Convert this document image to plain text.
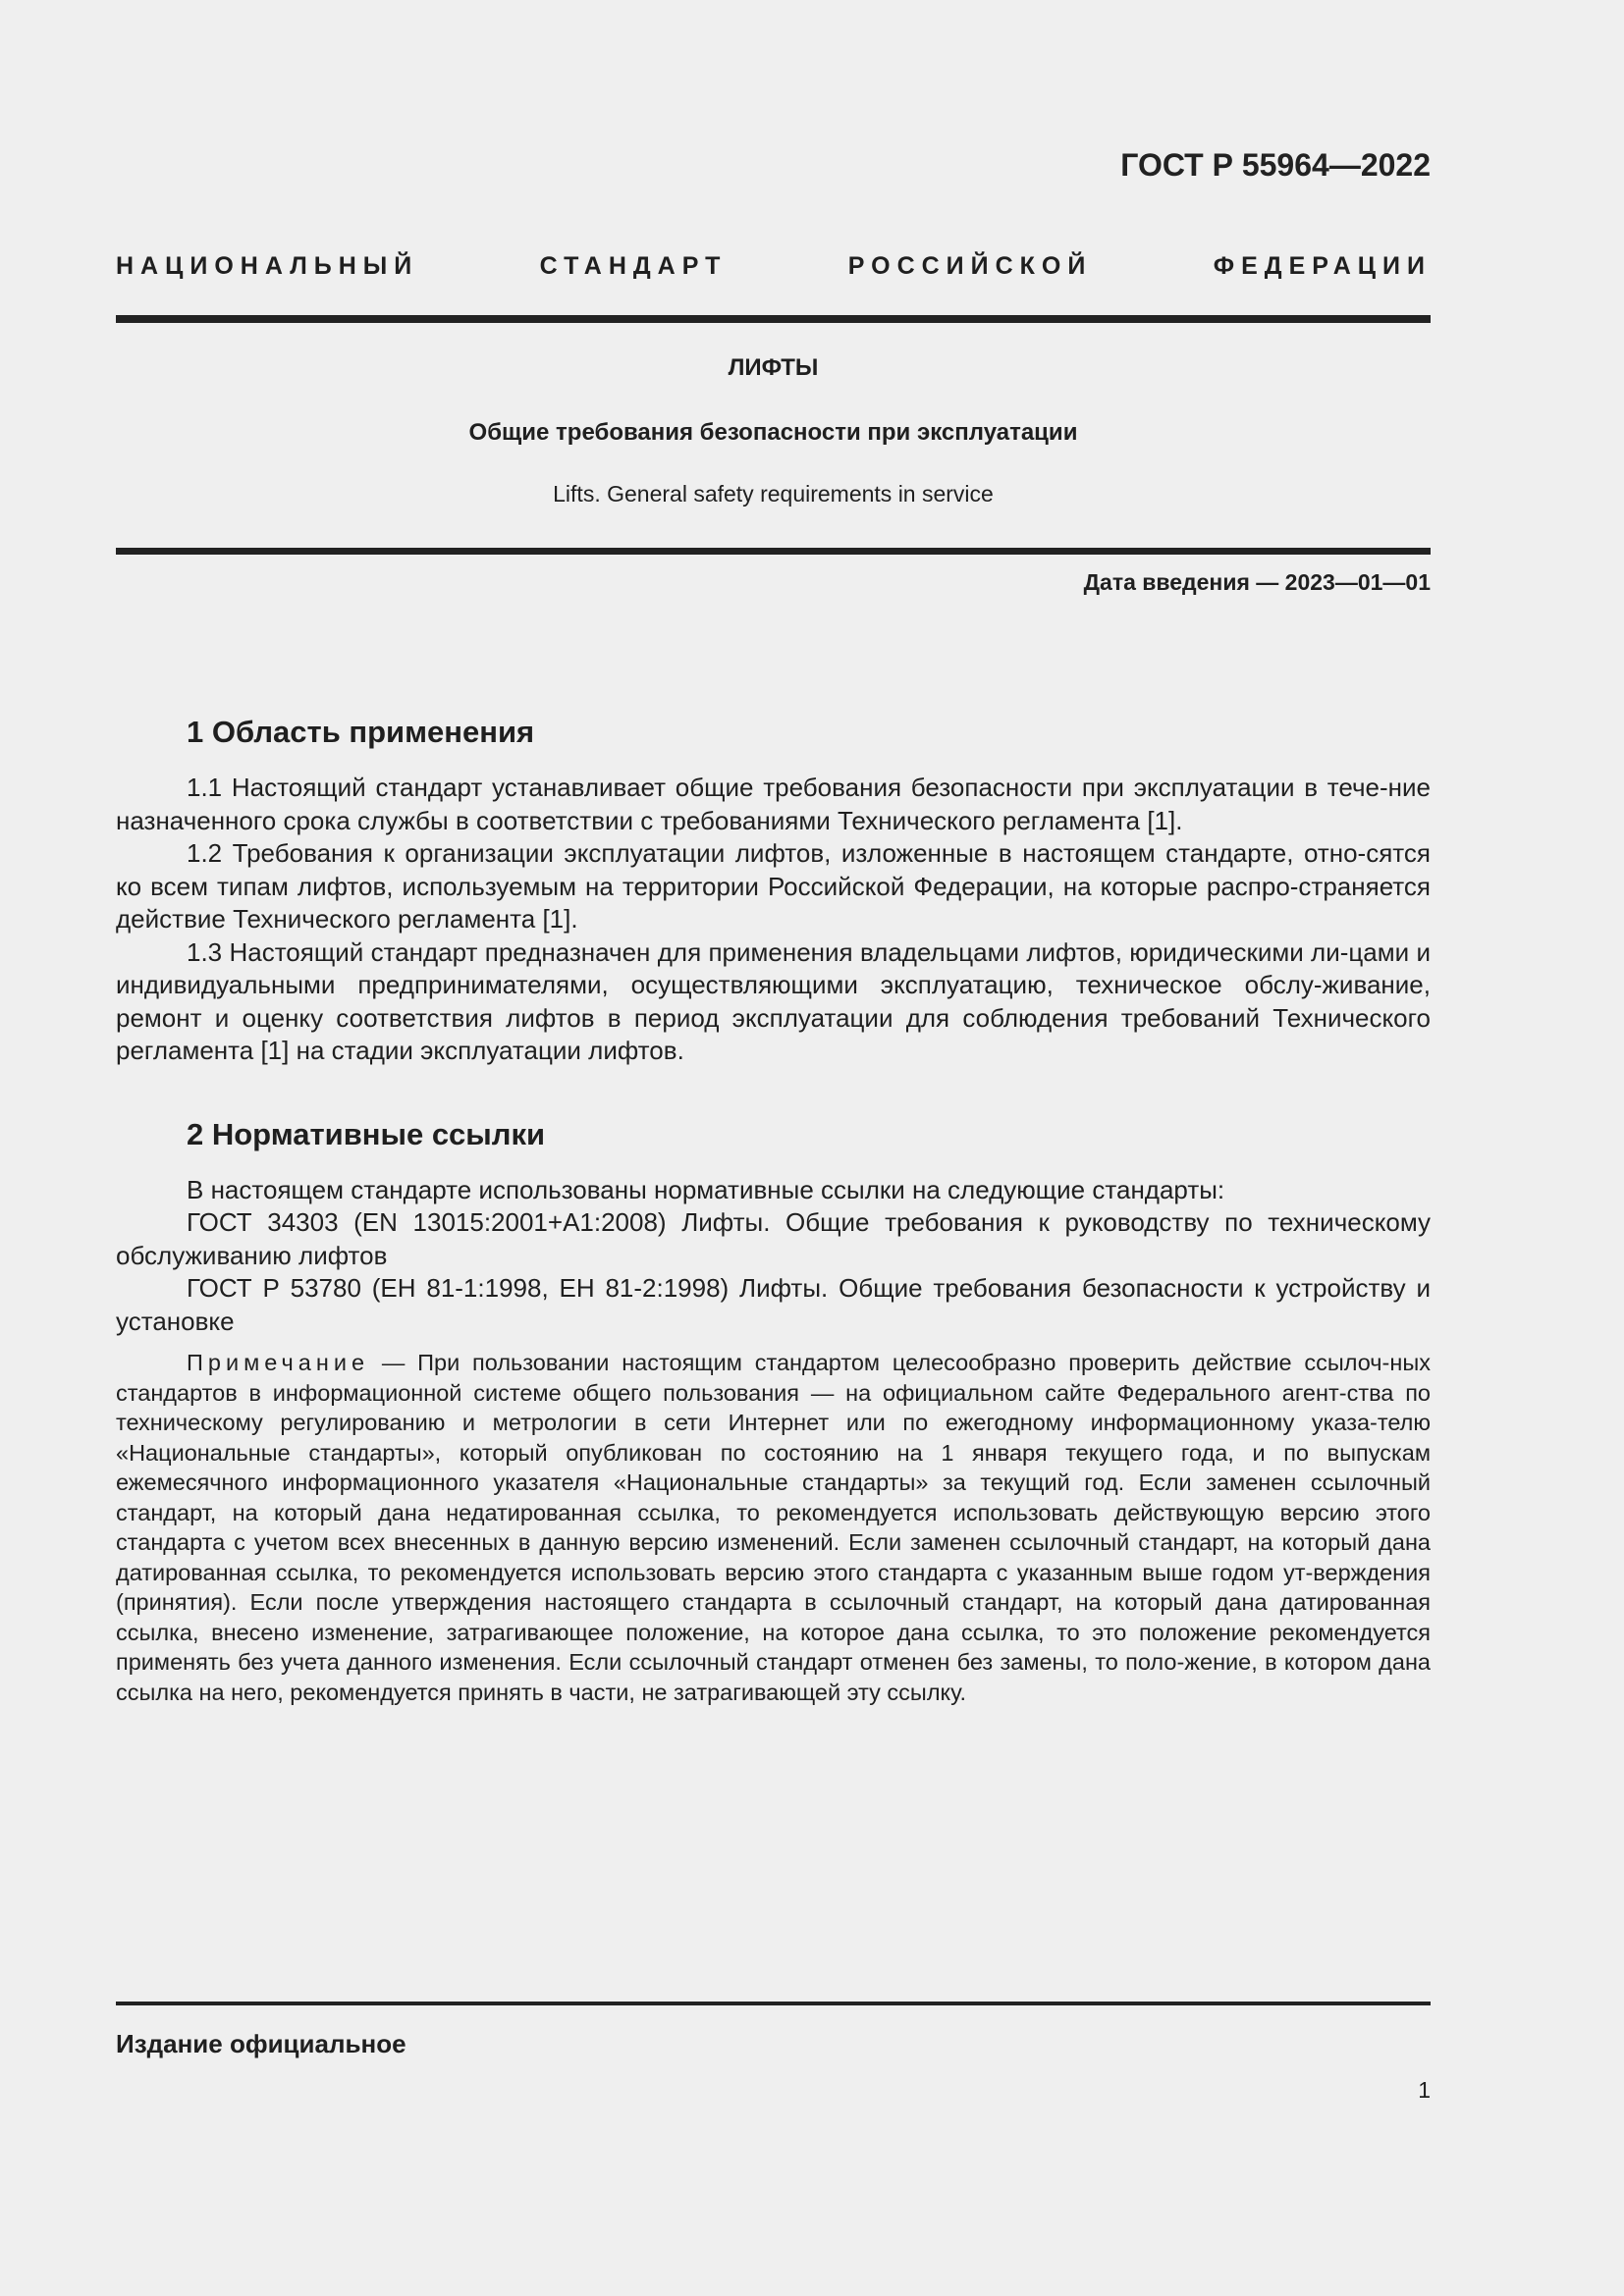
ГОСТ Р 55964—2022

НАЦИОНАЛЬНЫЙ СТАНДАРТ РОССИЙСКОЙ ФЕДЕРАЦИИ

ЛИФТЫ

Общие требования безопасности при эксплуатации

Lifts. General safety requirements in service

Дата введения — 2023—01—01

1 Область применения

1.1 Настоящий стандарт устанавливает общие требования безопасности при эксплуатации в тече-ние назначенного срока службы в соответствии с требованиями Технического регламента [1].

1.2 Требования к организации эксплуатации лифтов, изложенные в настоящем стандарте, отно-сятся ко всем типам лифтов, используемым на территории Российской Федерации, на которые распро-страняется действие Технического регламента [1].

1.3 Настоящий стандарт предназначен для применения владельцами лифтов, юридическими ли-цами и индивидуальными предпринимателями, осуществляющими эксплуатацию, техническое обслу-живание, ремонт и оценку соответствия лифтов в период эксплуатации для соблюдения требований Технического регламента [1] на стадии эксплуатации лифтов.

2 Нормативные ссылки

В настоящем стандарте использованы нормативные ссылки на следующие стандарты:

ГОСТ 34303 (EN 13015:2001+A1:2008) Лифты. Общие требования к руководству по техническому обслуживанию лифтов

ГОСТ Р 53780 (ЕН 81-1:1998, ЕН 81-2:1998) Лифты. Общие требования безопасности к устройству и установке

Примечание — При пользовании настоящим стандартом целесообразно проверить действие ссылоч-ных стандартов в информационной системе общего пользования — на официальном сайте Федерального агент-ства по техническому регулированию и метрологии в сети Интернет или по ежегодному информационному указа-телю «Национальные стандарты», который опубликован по состоянию на 1 января текущего года, и по выпускам ежемесячного информационного указателя «Национальные стандарты» за текущий год. Если заменен ссылочный стандарт, на который дана недатированная ссылка, то рекомендуется использовать действующую версию этого стандарта с учетом всех внесенных в данную версию изменений. Если заменен ссылочный стандарт, на который дана датированная ссылка, то рекомендуется использовать версию этого стандарта с указанным выше годом ут-верждения (принятия). Если после утверждения настоящего стандарта в ссылочный стандарт, на который дана датированная ссылка, внесено изменение, затрагивающее положение, на которое дана ссылка, то это положение рекомендуется применять без учета данного изменения. Если ссылочный стандарт отменен без замены, то поло-жение, в котором дана ссылка на него, рекомендуется принять в части, не затрагивающей эту ссылку.

Издание официальное

1
